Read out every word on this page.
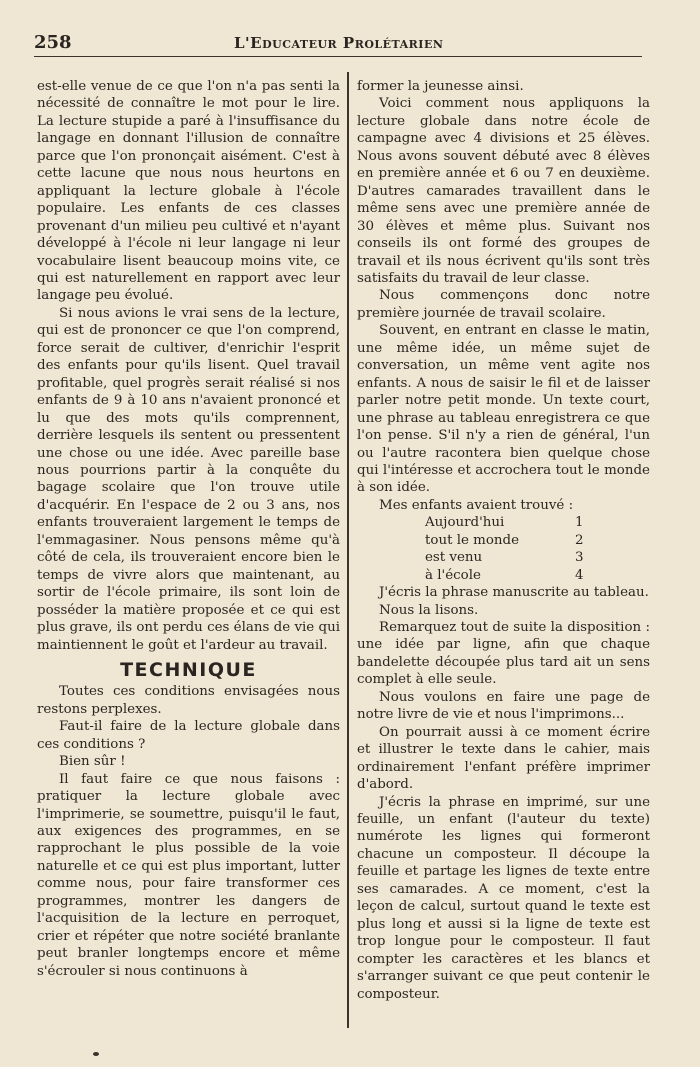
258	L'Educateur Prolétarien

est-elle venue de ce que l'on n'a pas senti la nécessité de connaître le mot pour le lire. La lecture stupide a paré à l'insuffisance du langage en donnant l'illusion de connaître parce que l'on prononçait aisément. C'est à cette lacune que nous nous heurtons en appliquant la lecture globale à l'école populaire. Les enfants de ces classes provenant d'un milieu peu cultivé et n'ayant développé à l'école ni leur langage ni leur vocabulaire lisent beaucoup moins vite, ce qui est naturellement en rapport avec leur langage peu évolué.

Si nous avions le vrai sens de la lecture, qui est de prononcer ce que l'on comprend, force serait de cultiver, d'enrichir l'esprit des enfants pour qu'ils lisent. Quel travail profitable, quel progrès serait réalisé si nos enfants de 9 à 10 ans n'avaient prononcé et lu que des mots qu'ils comprennent, derrière lesquels ils sentent ou pressentent une chose ou une idée. Avec pareille base nous pourrions partir à la conquête du bagage scolaire que l'on trouve utile d'acquérir. En l'espace de 2 ou 3 ans, nos enfants trouveraient largement le temps de l'emmagasiner. Nous pensons même qu'à côté de cela, ils trouveraient encore bien le temps de vivre alors que maintenant, au sortir de l'école primaire, ils sont loin de posséder la matière proposée et ce qui est plus grave, ils ont perdu ces élans de vie qui maintiennent le goût et l'ardeur au travail.

TECHNIQUE

Toutes ces conditions envisagées nous restons perplexes.

Faut-il faire de la lecture globale dans ces conditions ?

Bien sûr !

Il faut faire ce que nous faisons : pratiquer la lecture globale avec l'imprimerie, se soumettre, puisqu'il le faut, aux exigences des programmes, en se rapprochant le plus possible de la voie naturelle et ce qui est plus important, lutter comme nous, pour faire transformer ces programmes, montrer les dangers de l'acquisition de la lecture en perroquet, crier et répéter que notre société branlante peut branler longtemps encore et même s'écrouler si nous continuons à

former la jeunesse ainsi.

Voici comment nous appliquons la lecture globale dans notre école de campagne avec 4 divisions et 25 élèves. Nous avons souvent débuté avec 8 élèves en première année et 6 ou 7 en deuxième. D'autres camarades travaillent dans le même sens avec une première année de 30 élèves et même plus. Suivant nos conseils ils ont formé des groupes de travail et ils nous écrivent qu'ils sont très satisfaits du travail de leur classe.

Nous commençons donc notre première journée de travail scolaire.

Souvent, en entrant en classe le matin, une même idée, un même sujet de conversation, un même vent agite nos enfants. A nous de saisir le fil et de laisser parler notre petit monde. Un texte court, une phrase au tableau enregistrera ce que l'on pense. S'il n'y a rien de général, l'un ou l'autre racontera bien quelque chose qui l'intéresse et accrochera tout le monde à son idée.

Mes enfants avaient trouvé :

Aujourd'hui	1
tout le monde	2
est venu	3
à l'école	4

J'écris la phrase manuscrite au tableau.

Nous la lisons.

Remarquez tout de suite la disposition : une idée par ligne, afin que chaque bandelette découpée plus tard ait un sens complet à elle seule.

Nous voulons en faire une page de notre livre de vie et nous l'imprimons...

On pourrait aussi à ce moment écrire et illustrer le texte dans le cahier, mais ordinairement l'enfant préfère imprimer d'abord.

J'écris la phrase en imprimé, sur une feuille, un enfant (l'auteur du texte) numérote les lignes qui formeront chacune un composteur. Il découpe la feuille et partage les lignes de texte entre ses camarades. A ce moment, c'est la leçon de calcul, surtout quand le texte est plus long et aussi si la ligne de texte est trop longue pour le composteur. Il faut compter les caractères et les blancs et s'arranger suivant ce que peut contenir le composteur.
